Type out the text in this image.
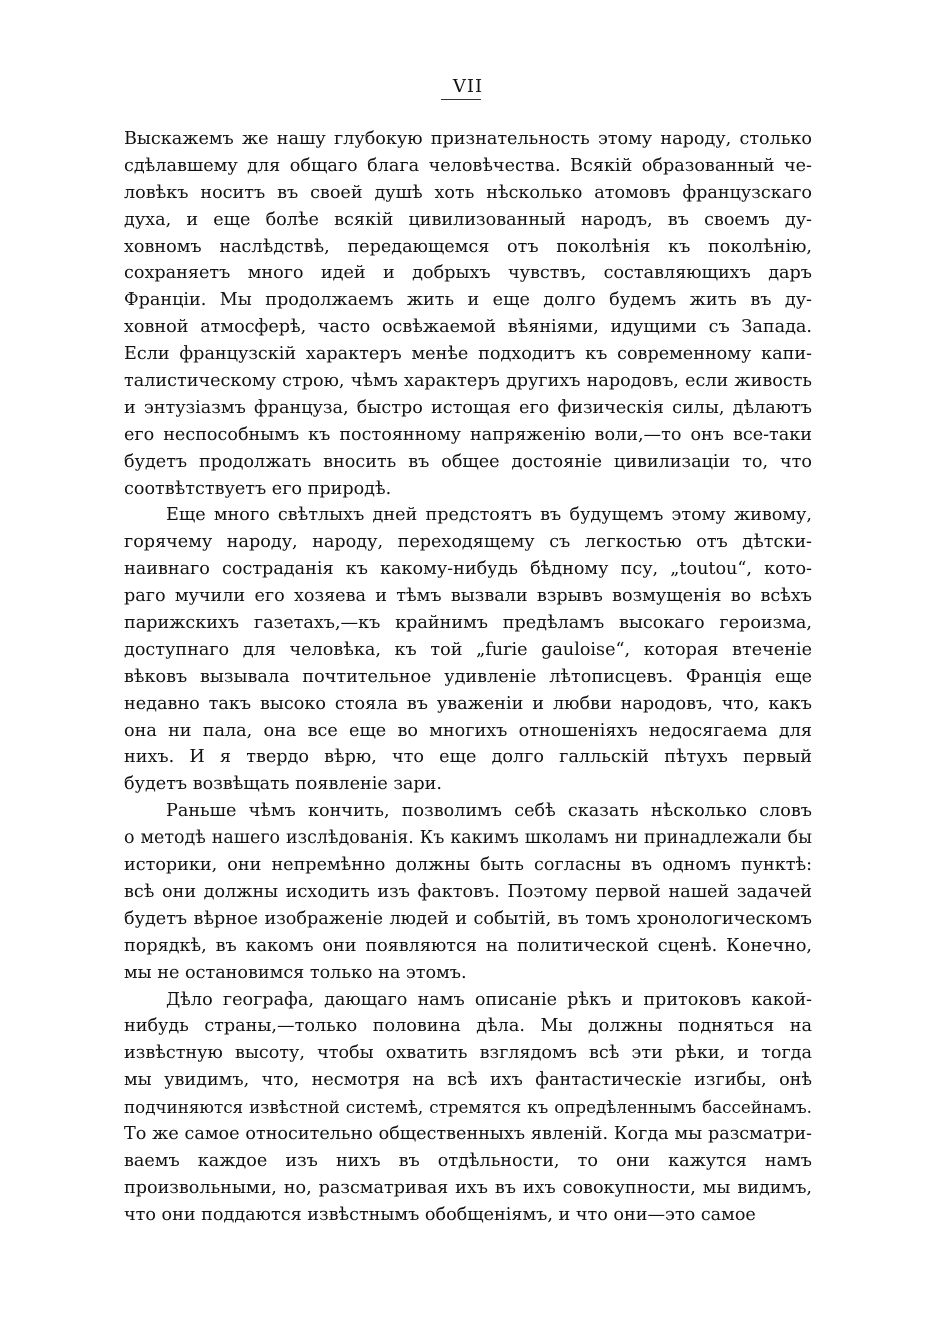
VII
Выскажемъ же нашу глубокую признательность этому народу, столько
сдѣлавшему для общаго блага человѣчества. Всякій образованный че-
ловѣкъ носитъ въ своей душѣ хоть нѣсколько атомовъ французскаго
духа, и еще болѣе всякій цивилизованный народъ, въ своемъ ду-
ховномъ наслѣдствѣ, передающемся отъ поколѣнія къ поколѣнію,
сохраняетъ много идей и добрыхъ чувствъ, составляющихъ даръ
Франціи. Мы продолжаемъ жить и еще долго будемъ жить въ ду-
ховной атмосферѣ, часто освѣжаемой вѣяніями, идущими съ Запада.
Если французскій характеръ менѣе подходитъ къ современному капи-
талистическому строю, чѣмъ характеръ другихъ народовъ, если живость
и энтузіазмъ француза, быстро истощая его физическія силы, дѣлаютъ
его неспособнымъ къ постоянному напряженію воли,—то онъ все-таки
будетъ продолжать вносить въ общее достояніе цивилизаціи то, что
соотвѣтствуетъ его природѣ.
Еще много свѣтлыхъ дней предстоятъ въ будущемъ этому живому,
горячему народу, народу, переходящему съ легкостью отъ дѣтски-
наивнаго состраданія къ какому-нибудь бѣдному псу, „toutou“, кото-
раго мучили его хозяева и тѣмъ вызвали взрывъ возмущенія во всѣхъ
парижскихъ газетахъ,—къ крайнимъ предѣламъ высокаго героизма,
доступнаго для человѣка, къ той „furie gauloise“, которая втеченіе
вѣковъ вызывала почтительное удивленіе лѣтописцевъ. Франція еще
недавно такъ высоко стояла въ уваженіи и любви народовъ, что, какъ
она ни пала, она все еще во многихъ отношеніяхъ недосягаема для
нихъ. И я твердо вѣрю, что еще долго галльскій пѣтухъ первый
будетъ возвѣщать появленіе зари.
Раньше чѣмъ кончить, позволимъ себѣ сказать нѣсколько словъ
о методѣ нашего изслѣдованія. Къ какимъ школамъ ни принадлежали бы
историки, они непремѣнно должны быть согласны въ одномъ пунктѣ:
всѣ они должны исходить изъ фактовъ. Поэтому первой нашей задачей
будетъ вѣрное изображеніе людей и событій, въ томъ хронологическомъ
порядкѣ, въ какомъ они появляются на политической сценѣ. Конечно,
мы не остановимся только на этомъ.
Дѣло географа, дающаго намъ описаніе рѣкъ и притоковъ какой-
нибудь страны,—только половина дѣла. Мы должны подняться на
извѣстную высоту, чтобы охватить взглядомъ всѣ эти рѣки, и тогда
мы увидимъ, что, несмотря на всѣ ихъ фантастическіе изгибы, онѣ
подчиняются извѣстной системѣ, стремятся къ опредѣленнымъ бассейнамъ.
То же самое относительно общественныхъ явленій. Когда мы разсматри-
ваемъ каждое изъ нихъ въ отдѣльности, то они кажутся намъ
произвольными, но, разсматривая ихъ въ ихъ совокупности, мы видимъ,
что они поддаются извѣстнымъ обобщеніямъ, и что они—это самое
